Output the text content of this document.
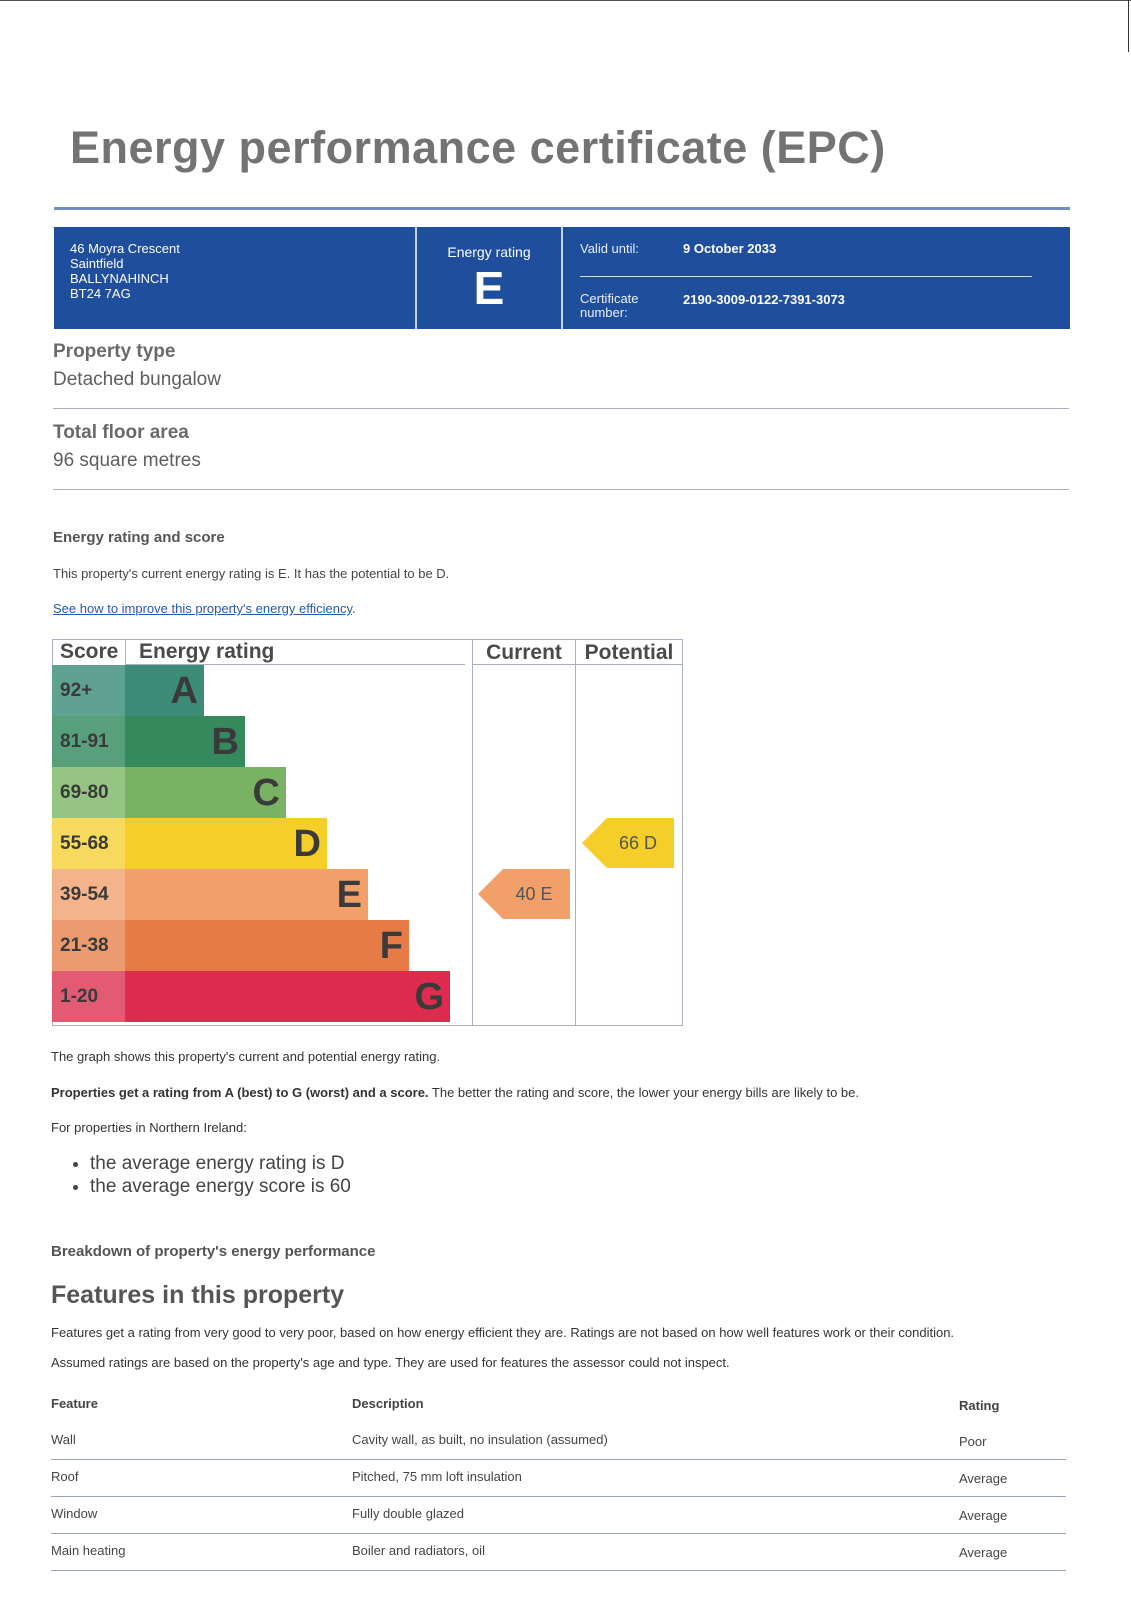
Energy performance certificate (EPC)
46 Moyra Crescent
Saintfield
BALLYNAHINCH
BT24 7AG
Energy rating
E
Valid until:	9 October 2033
Certificate
number:
2190-3009-0122-7391-3073
Property type
Detached bungalow
Total floor area
96 square metres
Energy rating and score
This property's current energy rating is E. It has the potential to be D.
See how to improve this property's energy efficiency.
Score Energy rating	Current	Potential
92+	A
81-91	B
69-80	C
55-68	D
39-54	E
21-38	F
1-20	G
40 E
66 D
The graph shows this property's current and potential energy rating.
Properties get a rating from A (best) to G (worst) and a score. The better the rating and score, the lower your energy bills are likely to be.
For properties in Northern Ireland:
• the average energy rating is D
• the average energy score is 60
Breakdown of property's energy performance
Features in this property
Features get a rating from very good to very poor, based on how energy efficient they are. Ratings are not based on how well features work or their condition.
Assumed ratings are based on the property's age and type. They are used for features the assessor could not inspect.
Feature	Description	Rating
Wall	Cavity wall, as built, no insulation (assumed)	Poor
Roof	Pitched, 75 mm loft insulation	Average
Window	Fully double glazed	Average
Main heating	Boiler and radiators, oil	Average
